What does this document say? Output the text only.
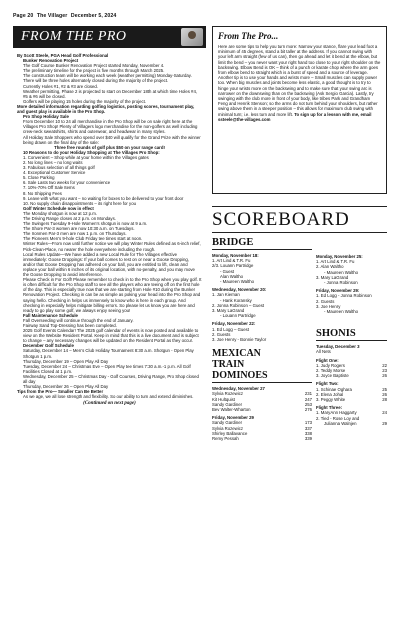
Page 20 The Villager December 5, 2024
FROM THE PRO

By Scott Steele, PGA Head Golf Professional

Bunker Renovation Project

The Golf Course Bunker Renovation Project started Monday, November 4.

The preliminary timeline for the project is five months through March 2025.

The construction team will be working each week (weather permitting) Monday-Saturday.

There will be three holes alternately closed during the majority of the project.

Currently Holes #1, #2 & #3 are closed.

Weather permitting, Phase 2 is projected to start on December 18th at which time Holes #4, #5 & #6 will be closed.

Golfers will be playing 15 holes during the majority of the project.

More detailed information regarding golfing logistics, posting scores, tournament play, and guest play is available in the Pro Shop.

Pro Shop Holiday Sale

From December 10 to 24 all merchandise in the Pro Shop will be on sale right here at the Villages Pro Shop! Plenty of Villagers logo merchandise for the non-golfers as well including crew-neck sweatshirts, shirts and outerwear, and headwear in many styles.

All Holiday Sale Shoppers who spend over $40 will qualify for the Grand Prize with the winner being drawn on the final day of the sale:

Three free rounds of golf plus $50 on your range card!

10 Reasons to do your Holiday Shopping at The Villages Pro Shop:

1. Convenient – Shop while at your home within the Villages gates

2. No long lines – no long waits

3. Fabulous selection of all things golf

4. Exceptional Customer Service

5. Close Parking

6. Sale Lasts two weeks for your convenience

7. 10%-70% Off Sale Items

8. No Shipping Fees

9. Leave with what you want – no waiting for boxes to be delivered to your front door

10. No supply chain disappointments – its right here for you

Golf Winter Schedule now in effect

The Monday shotgun is now at 12 p.m.

The Driving Range closes at 2 p.m. on Mondays.

The Swingers Tuesday 9-Hole Women’s shotgun is now at 9 a.m.

The Shore Par-3 women are now 10:30 a.m. on Tuesdays.

The Ironmen Par-3 men are now 1 p.m. on Thursdays.

The Pioneers Men’s 9-hole Club Friday tee times start at noon.

Winter Rules—From now until further notice we will play Winter Rules defined as 6-inch relief, Pick-Clean-Place, no nearer the hole everywhere including the rough.

Local Rules Update—We have added a new Local Rule for The Villages effective immediately: Goose Droppings: If your ball comes to rest on or near a Goose Dropping, and/or that Goose Dropping has adhered on your ball, you are entitled to lift, clean and replace your ball within 6 inches of its original location, with no-penalty, and you may move the Goose Dropping to avoid interference.

Please Check in For Golf! Please remember to check in to the Pro Shop when you play golf. It is often difficult for the Pro Shop staff to see all the players who are teeing off on the first hole of the day. This is especially true now that we are starting from Hole #10 during the Bunker Renovation Project. Checking in can be as simple as poking your head into the Pro Shop and saying hello. Checking in helps us immensely to know who is here in each group. And checking in especially helps mitigate billing errors. So please let us know you are here and ready to go play some golf, we always enjoy seeing you!

Fall Maintenance Schedule

Fall Overseeding will continue through the end of January.

Fairway Sand Top-Dressing has been completed.

2025 Golf Events Calendar! The 2025 golf calendar of events is now posted and available to view on the Website Resident Portal. Keep in mind that this is a live document and is subject to change – any necessary changes will be updated on the Resident Portal as they occur.

December Golf Schedule

Saturday, December 14 – Men’s Club Holiday Tournament 8:30 a.m. Shotgun - Open Play Shotgun 1 p.m.

Thursday, December 19 – Open Play All Day

Tuesday, December 24 – Christmas Eve – Open Play tee times 7:30 a.m.-1 p.m. All Golf Facilities Closed at 1 p.m.

Wednesday, December 25 – Christmas Day - Golf Courses, Driving Range, Pro Shop closed all day

Thursday, December 26 – Open Play All Day

Tips from the Pro— Smaller Can Be Better

As we age, we all lose strength and flexibility. So our ability to turn and extend diminishes.

(Continued on next page)
From The Pro...
Here are some tips to help you turn more: Narrow your stance, flare your lead foot a minimum of 45 degrees, stand a bit taller at the address. If you cannot swing with your left arm straight (few of us can), then go ahead and let it bend at the elbow, but limit the bend – you never want your right hand too close to your right shoulder on the backswing. Elbow Bend is OK – think of a punch or karate chop where the arm goes from elbow bend to straight which is a burst of speed and a source of leverage. Another tip is to use your hands and wrists more – Small muscles can supply power too. When big muscles and joints become less elastic, a good thought is to try to hinge your wrists more on the backswing and to make sure that your swing arc is narrower on the downswing than on the backswing (Ask Sergio Garcia). Lastly, try swinging with the club more in front of your body, like tribes Park and Grandham Feng and Henrik Stenson; so the arms do not turn behind your shoulders, but rather swing above them in a steeper position – this allows for maximum club swing with minimal turn; i.e. less turn and more lift. To sign up for a lesson with me, email ssteele@the-villages.com
SCOREBOARD
BRIDGE
Monday, November 18:
1. Art Lind & T.R. Fu
2/3. Louann Partridge
- Guest
Alan Waltho
- Maureen Waltho
Wednesday, November 20:
1. Jan Kiernan
- Hank Koransky
2. Jonna Robinson – Guest
3. Mary LaGrand
- Louann Partridge
Friday, November 22:
1. Ed Logg – Guest
2. Guests
3. Joe Henry - Bonnie Taylor
MEXICAN
TRAIN
DOMINOES
Wednesday, November 27
Sylvia Rozewicz	231
Kit Hultquist	247
Sandy Gardiner	253
Bev Walter-Wharton	276
Friday, November 29
Sandy Gardiner	173
Sylvia Rozewicz	337
Shirley Ballavance	338
Remy Pessah	339
Monday, November 25:
1. Art Lind & T.R. Fu
2. Alan Waltho
- Maureen Waltho
3. Mary LaGrand
- Jonna Robinson
Friday, November 29:
1. Ed Logg - Jonna Robinson
2. Guests
3. Joe Henry
- Maureen Waltho
SHONIS
Tuesday, December 3
All Nets
Flight One:
1. Judy Rogers	22
2. Teddy Morse	23
3. Joyce Baptiste	26
Flight Two:
1. Schinae Oghara	25
2. Elena Johal	26
3. Peggy White	28
Flight Three:
1. MaryAnn Haggarty	24
2. Tied - Rose Loy and
Julianna Walnjen	29
